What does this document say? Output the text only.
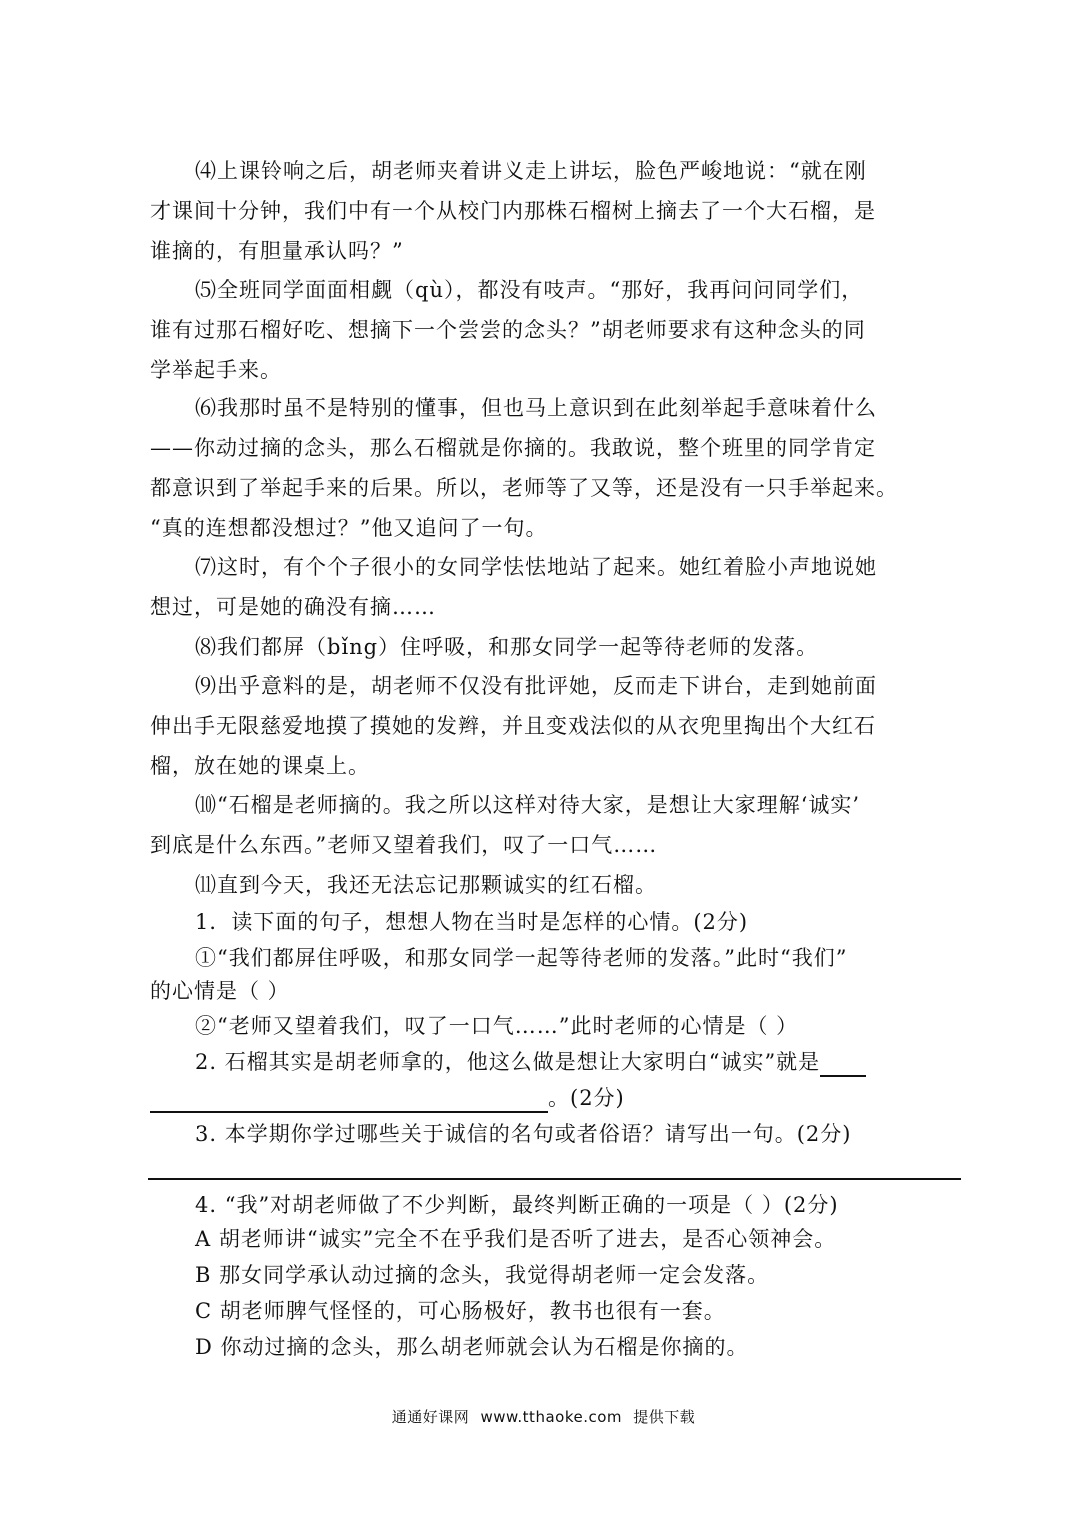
⑷上课铃响之后，胡老师夹着讲义走上讲坛，脸色严峻地说：“就在刚
才课间十分钟，我们中有一个从校门内那株石榴树上摘去了一个大石榴，是
谁摘的，有胆量承认吗？”
⑸全班同学面面相觑（qù），都没有吱声。“那好，我再问问同学们，
谁有过那石榴好吃、想摘下一个尝尝的念头？”胡老师要求有这种念头的同
学举起手来。
⑹我那时虽不是特别的懂事，但也马上意识到在此刻举起手意味着什么
——你动过摘的念头，那么石榴就是你摘的。我敢说，整个班里的同学肯定
都意识到了举起手来的后果。所以，老师等了又等，还是没有一只手举起来。
“真的连想都没想过？”他又追问了一句。
⑺这时，有个个子很小的女同学怯怯地站了起来。她红着脸小声地说她
想过，可是她的确没有摘……
⑻我们都屏（bǐng）住呼吸，和那女同学一起等待老师的发落。
⑼出乎意料的是，胡老师不仅没有批评她，反而走下讲台，走到她前面
伸出手无限慈爱地摸了摸她的发辫，并且变戏法似的从衣兜里掏出个大红石
榴，放在她的课桌上。
⑽“石榴是老师摘的。我之所以这样对待大家，是想让大家理解‘诚实’
到底是什么东西。”老师又望着我们，叹了一口气……
⑾直到今天，我还无法忘记那颗诚实的红石榴。
1．读下面的句子，想想人物在当时是怎样的心情。(2分)
①“我们都屏住呼吸，和那女同学一起等待老师的发落。”此时“我们”
的心情是（ ）
②“老师又望着我们，叹了一口气……”此时老师的心情是（ ）
2. 石榴其实是胡老师拿的，他这么做是想让大家明白“诚实”就是
。(2分)
3. 本学期你学过哪些关于诚信的名句或者俗语？请写出一句。(2分)
4. “我”对胡老师做了不少判断，最终判断正确的一项是（ ）(2分)
A 胡老师讲“诚实”完全不在乎我们是否听了进去，是否心领神会。
B 那女同学承认动过摘的念头，我觉得胡老师一定会发落。
C 胡老师脾气怪怪的，可心肠极好，教书也很有一套。
D 你动过摘的念头，那么胡老师就会认为石榴是你摘的。
通通好课网 www.tthaoke.com 提供下载
